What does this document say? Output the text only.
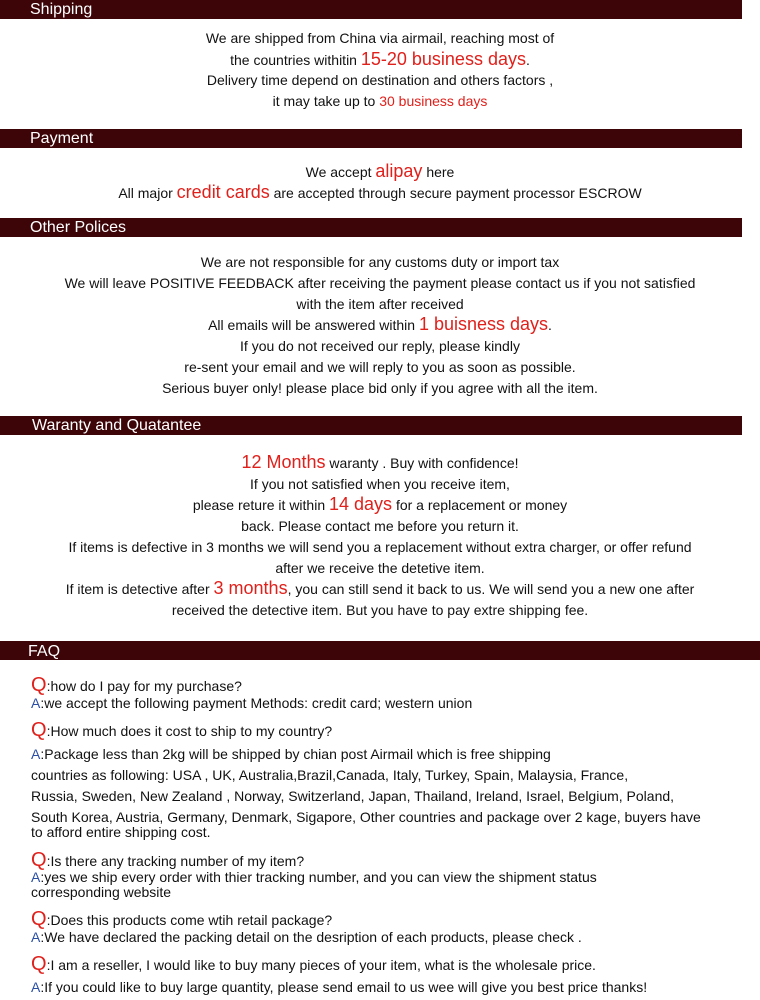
Shipping
We are shipped from China via airmail, reaching most of
the countries withitin 15-20 business days.
Delivery time depend on destination and others factors ,
it may take up to 30 business days
Payment
We accept alipay here
All major credit cards are accepted through secure payment processor ESCROW
Other Polices
We are not responsible for any customs duty or import tax
We will leave POSITIVE FEEDBACK after receiving the payment please contact us if you not satisfied
with the item after received
All emails will be answered within 1 buisness days.
If you do not received our reply, please kindly
re-sent your email and we will reply to you as soon as possible.
Serious buyer only! please place bid only if you agree with all the item.
Waranty and Quatantee
12 Months waranty . Buy with confidence!
If you not satisfied when you receive item,
please reture it within 14 days for a replacement or money
back. Please contact me before you return it.
If items is defective in 3 months we will send you a replacement without extra charger, or offer refund
after we receive the detetive item.
If item is detective after 3 months, you can still send it back to us. We will send you a new one after
received the detective item. But you have to pay extre shipping fee.
FAQ
Q:how do I pay for my purchase?
A:we accept the following payment Methods: credit card; western union
Q:How much does it cost to ship to my country?
A:Package less than 2kg will be shipped by chian post Airmail which is free shipping
countries as following: USA , UK, Australia,Brazil,Canada, Italy, Turkey, Spain, Malaysia, France,
Russia, Sweden, New Zealand , Norway, Switzerland, Japan, Thailand, Ireland, Israel, Belgium, Poland,
South Korea, Austria, Germany, Denmark, Sigapore, Other countries and package over 2 kage, buyers have
to afford entire shipping cost.
Q:Is there any tracking number of my item?
A:yes we ship every order with thier tracking number, and you can view the shipment status
corresponding website
Q:Does this products come wtih retail package?
A:We have declared the packing detail on the desription of each products, please check .
Q:I am a reseller, I would like to buy many pieces of your item, what is the wholesale price.
A:If you could like to buy large quantity, please send email to us wee will give you best price thanks!
